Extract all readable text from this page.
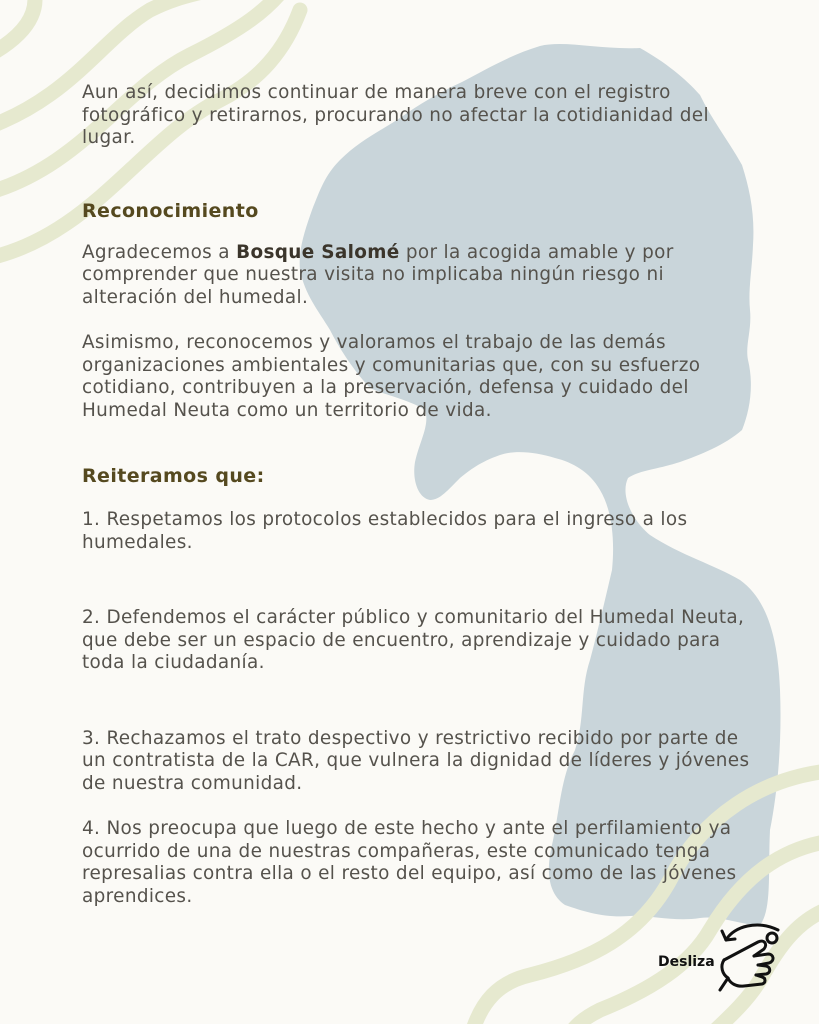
Aun así, decidimos continuar de manera breve con el registro fotográfico y retirarnos, procurando no afectar la cotidianidad del lugar.

Reconocimiento

Agradecemos a Bosque Salomé por la acogida amable y por comprender que nuestra visita no implicaba ningún riesgo ni alteración del humedal.

Asimismo, reconocemos y valoramos el trabajo de las demás organizaciones ambientales y comunitarias que, con su esfuerzo cotidiano, contribuyen a la preservación, defensa y cuidado del Humedal Neuta como un territorio de vida.

Reiteramos que:

1. Respetamos los protocolos establecidos para el ingreso a los humedales.

2. Defendemos el carácter público y comunitario del Humedal Neuta, que debe ser un espacio de encuentro, aprendizaje y cuidado para toda la ciudadanía.

3. Rechazamos el trato despectivo y restrictivo recibido por parte de un contratista de la CAR, que vulnera la dignidad de líderes y jóvenes de nuestra comunidad.

4. Nos preocupa que luego de este hecho y ante el perfilamiento ya ocurrido de una de nuestras compañeras, este comunicado tenga represalias contra ella o el resto del equipo, así como de las jóvenes aprendices.

Desliza
